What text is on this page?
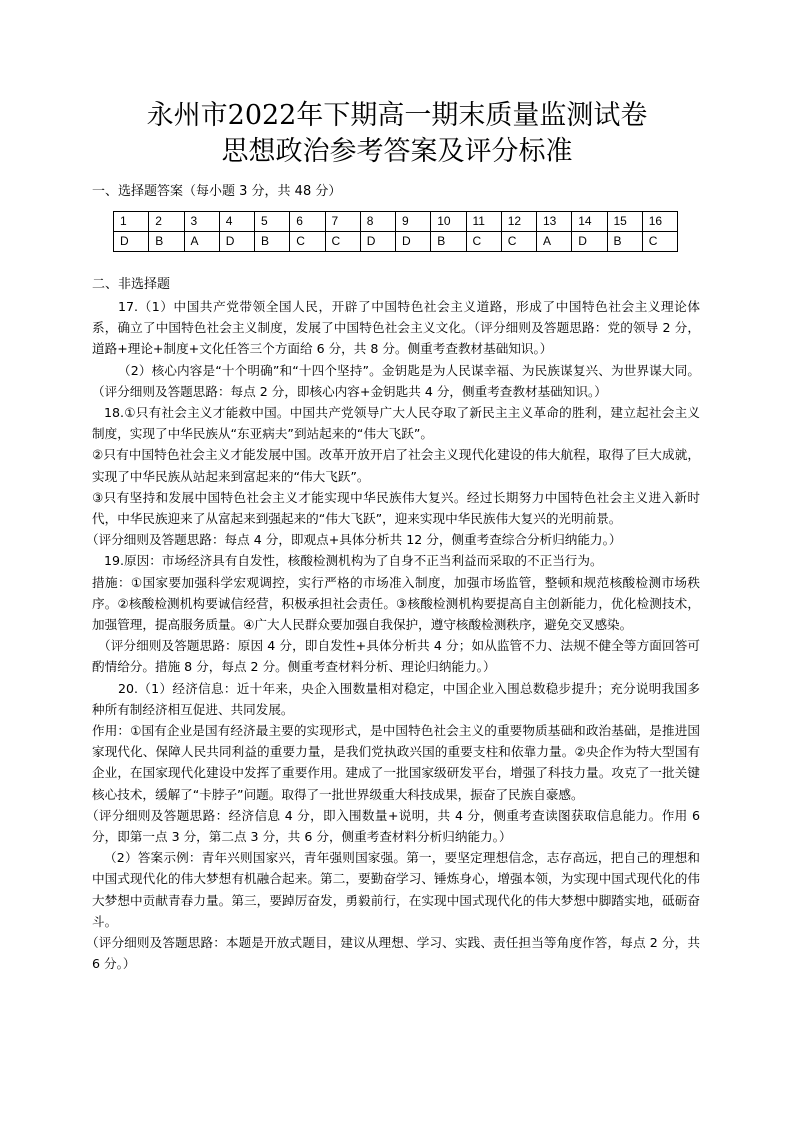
永州市2022年下期高一期末质量监测试卷
思想政治参考答案及评分标准
一、选择题答案（每小题 3 分，共 48 分）
1	2	3	4	5	6	7	8	9	10	11	12	13	14	15	16
D	B	A	D	B	C	C	D	D	B	C	C	A	D	B	C
二、非选择题

17.（1）中国共产党带领全国人民，开辟了中国特色社会主义道路，形成了中国特色社会主义理论体系，确立了中国特色社会主义制度，发展了中国特色社会主义文化。（评分细则及答题思路：党的领导 2 分，道路+理论+制度+文化任答三个方面给 6 分，共 8 分。侧重考查教材基础知识。）

（2）核心内容是“十个明确”和“十四个坚持”。金钥匙是为人民谋幸福、为民族谋复兴、为世界谋大同。（评分细则及答题思路：每点 2 分，即核心内容+金钥匙共 4 分，侧重考查教材基础知识。）

18.①只有社会主义才能救中国。中国共产党领导广大人民夺取了新民主主义革命的胜利，建立起社会主义制度，实现了中华民族从“东亚病夫”到站起来的“伟大飞跃”。

②只有中国特色社会主义才能发展中国。改革开放开启了社会主义现代化建设的伟大航程，取得了巨大成就，实现了中华民族从站起来到富起来的“伟大飞跃”。

③只有坚持和发展中国特色社会主义才能实现中华民族伟大复兴。经过长期努力中国特色社会主义进入新时代，中华民族迎来了从富起来到强起来的“伟大飞跃”，迎来实现中华民族伟大复兴的光明前景。

（评分细则及答题思路：每点 4 分，即观点+具体分析共 12 分，侧重考查综合分析归纳能力。）

19.原因：市场经济具有自发性，核酸检测机构为了自身不正当利益而采取的不正当行为。

措施：①国家要加强科学宏观调控，实行严格的市场准入制度，加强市场监管，整顿和规范核酸检测市场秩序。②核酸检测机构要诚信经营，积极承担社会责任。③核酸检测机构要提高自主创新能力，优化检测技术，加强管理，提高服务质量。④广大人民群众要加强自我保护，遵守核酸检测秩序，避免交叉感染。

（评分细则及答题思路：原因 4 分，即自发性+具体分析共 4 分；如从监管不力、法规不健全等方面回答可酌情给分。措施 8 分，每点 2 分。侧重考查材料分析、理论归纳能力。）

20.（1）经济信息：近十年来，央企入围数量相对稳定，中国企业入围总数稳步提升；充分说明我国多种所有制经济相互促进、共同发展。

作用：①国有企业是国有经济最主要的实现形式，是中国特色社会主义的重要物质基础和政治基础，是推进国家现代化、保障人民共同利益的重要力量，是我们党执政兴国的重要支柱和依靠力量。②央企作为特大型国有企业，在国家现代化建设中发挥了重要作用。建成了一批国家级研发平台，增强了科技力量。攻克了一批关键核心技术，缓解了“卡脖子”问题。取得了一批世界级重大科技成果，振奋了民族自豪感。

（评分细则及答题思路：经济信息 4 分，即入围数量+说明，共 4 分，侧重考查读图获取信息能力。作用 6 分，即第一点 3 分，第二点 3 分，共 6 分，侧重考查材料分析归纳能力。）

（2）答案示例：青年兴则国家兴，青年强则国家强。第一，要坚定理想信念，志存高远，把自己的理想和中国式现代化的伟大梦想有机融合起来。第二，要勤奋学习、锤炼身心，增强本领，为实现中国式现代化的伟大梦想中贡献青春力量。第三，要踔厉奋发，勇毅前行，在实现中国式现代化的伟大梦想中脚踏实地，砥砺奋斗。

（评分细则及答题思路：本题是开放式题目，建议从理想、学习、实践、责任担当等角度作答，每点 2 分，共 6 分。）
